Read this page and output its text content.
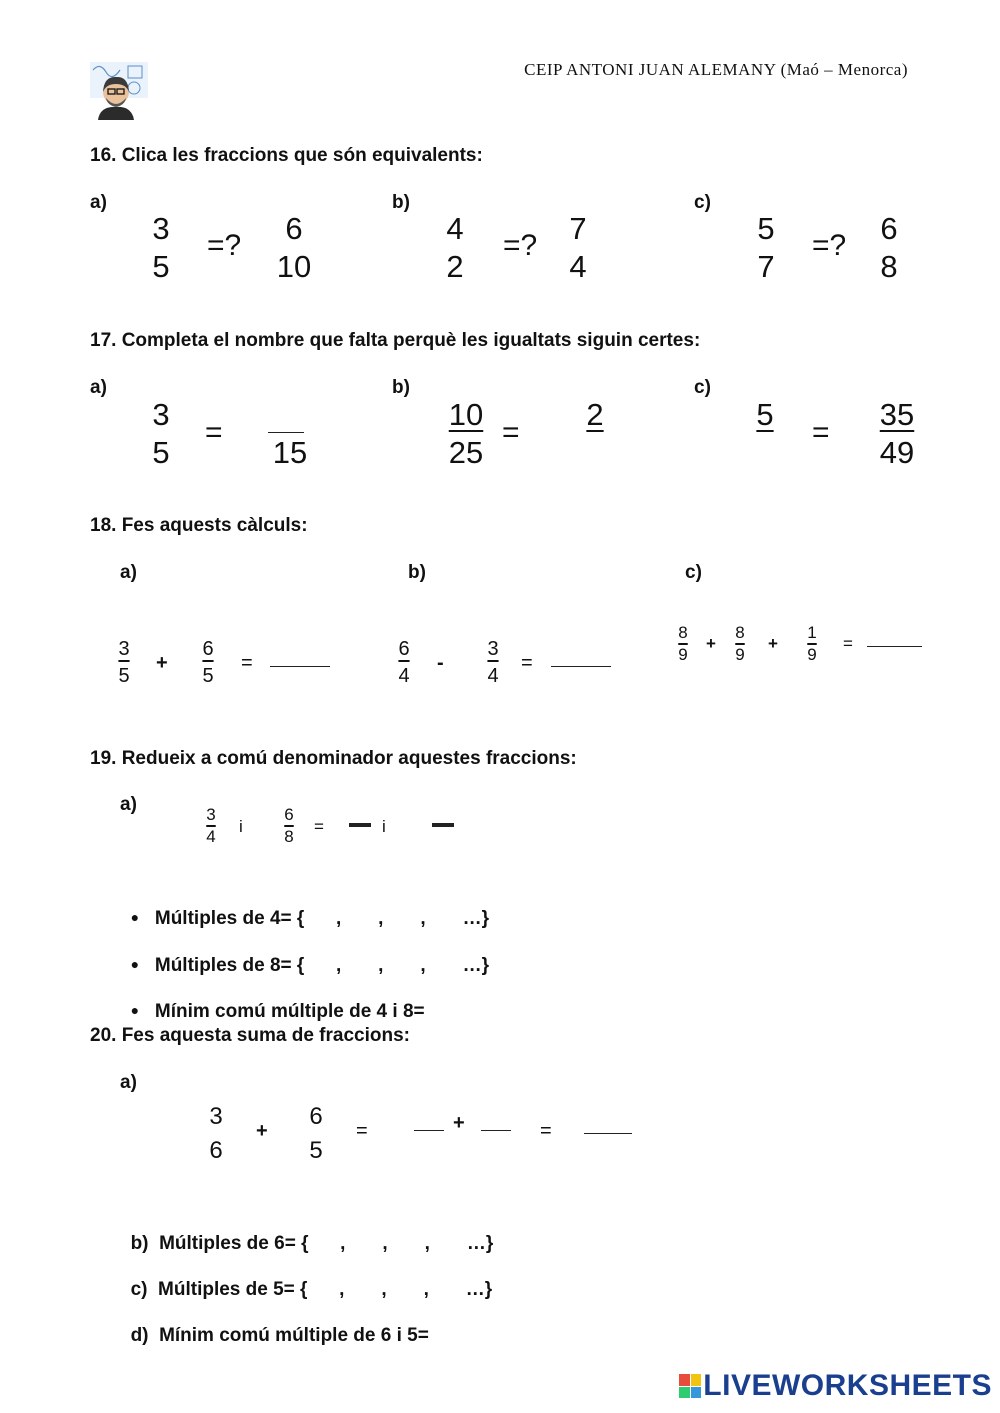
CEIP ANTONI JUAN ALEMANY (Maó – Menorca)
16. Clica les fraccions que són equivalents:
a)
3
5
=? 6
10
b)
4
2
=? 7
4
c)
5
7
=? 6
8
17. Completa el nombre que falta perquè les igualtats siguin certes:
a)
3
5
=
15
b)
$\frac{10}{25}$ =
2
c)
5
= $\frac{35}{49}$
18. Fes aquests càlculs:
a)
$\frac{3}{5} + \frac{6}{5}$ =
b)
$\frac{6}{4} - \frac{3}{4}$ =
c)
$\frac{8}{9} + \frac{8}{9} + \frac{1}{9}$ =
19. Redueix a comú denominador aquestes fraccions:
a)	$\frac{3}{4}$ i $\frac{6}{8}$ =	i

● Múltiples de 4= {      ,       ,       ,       …}

● Múltiples de 8= {      ,       ,       ,       …}

● Mínim comú múltiple de 4 i 8=

20. Fes aquesta suma de fraccions:
a)
3
6
+
6
5
=	+	=

b) Múltiples de 6= {      ,       ,       ,       …}

c) Múltiples de 5= {      ,       ,       ,       …}

d) Mínim comú múltiple de 6 i 5=

LIVEWORKSHEETS
